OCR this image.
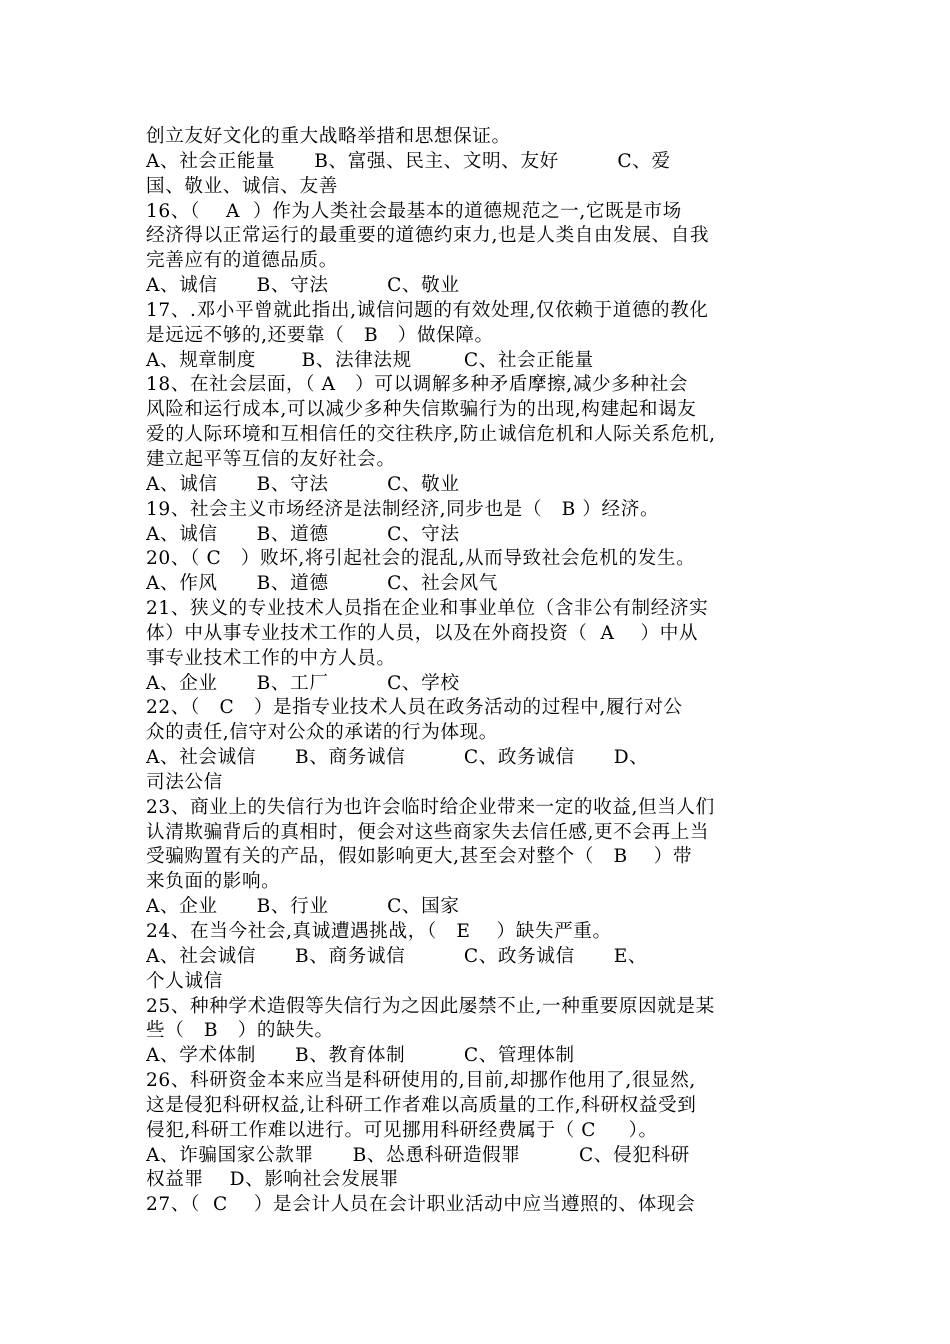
创立友好文化的重大战略举措和思想保证。
A、社会正能量      B、富强、民主、文明、友好         C、爱
国、敬业、诚信、友善
16、（    A  ）作为人类社会最基本的道德规范之一,它既是市场
经济得以正常运行的最重要的道德约束力,也是人类自由发展、自我
完善应有的道德品质。
A、诚信      B、守法         C、敬业
17、.邓小平曾就此指出,诚信问题的有效处理,仅依赖于道德的教化
是远远不够的,还要靠（   B   ）做保障。
A、规章制度       B、法律法规        C、社会正能量
18、在社会层面，（ A   ）可以调解多种矛盾摩擦,减少多种社会
风险和运行成本,可以减少多种失信欺骗行为的出现,构建起和谒友
爱的人际环境和互相信任的交往秩序,防止诚信危机和人际关系危机,
建立起平等互信的友好社会。
A、诚信      B、守法         C、敬业
19、社会主义市场经济是法制经济,同步也是（   B ）经济。
A、诚信      B、道德         C、守法
20、（ C   ）败坏,将引起社会的混乱,从而导致社会危机的发生。
A、作风      B、道德         C、社会风气
21、狭义的专业技术人员指在企业和事业单位（含非公有制经济实
体）中从事专业技术工作的人员，以及在外商投资（  A    ）中从
事专业技术工作的中方人员。
A、企业      B、工厂         C、学校
22、（   C   ）是指专业技术人员在政务活动的过程中,履行对公
众的责任,信守对公众的承诺的行为体现。
A、社会诚信      B、商务诚信         C、政务诚信      D、
司法公信
23、商业上的失信行为也许会临时给企业带来一定的收益,但当人们
认清欺骗背后的真相时，便会对这些商家失去信任感,更不会再上当
受骗购置有关的产品，假如影响更大,甚至会对整个（   B    ）带
来负面的影响。
A、企业      B、行业         C、国家
24、在当今社会,真诚遭遇挑战，（   E    ）缺失严重。
A、社会诚信      B、商务诚信         C、政务诚信      E、
个人诚信
25、种种学术造假等失信行为之因此屡禁不止,一种重要原因就是某
些（   B   ）的缺失。
A、学术体制      B、教育体制         C、管理体制
26、科研资金本来应当是科研使用的,目前,却挪作他用了,很显然,
这是侵犯科研权益,让科研工作者难以高质量的工作,科研权益受到
侵犯,科研工作难以进行。可见挪用科研经费属于（ C     ）。
A、诈骗国家公款罪      B、怂恿科研造假罪         C、侵犯科研
权益罪    D、影响社会发展罪
27、（  C    ）是会计人员在会计职业活动中应当遵照的、体现会
